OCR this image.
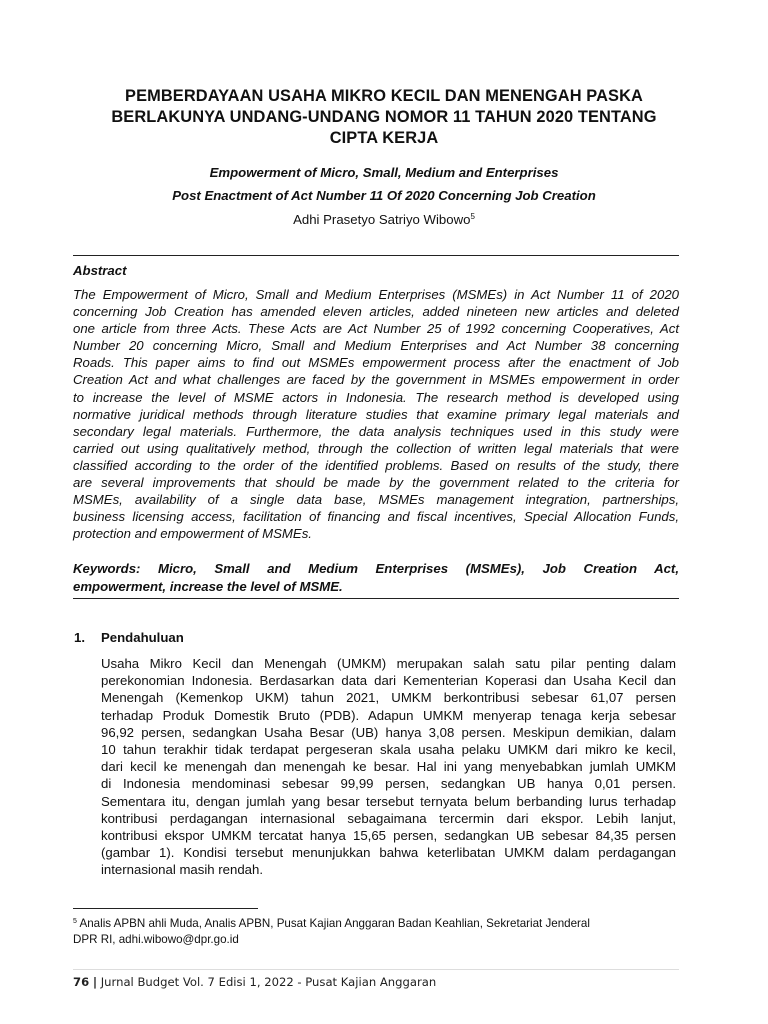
PEMBERDAYAAN USAHA MIKRO KECIL DAN MENENGAH PASKA
BERLAKUNYA UNDANG-UNDANG NOMOR 11 TAHUN 2020 TENTANG
CIPTA KERJA
Empowerment of Micro, Small, Medium and Enterprises
Post Enactment of Act Number 11 Of 2020 Concerning Job Creation
Adhi Prasetyo Satriyo Wibowo$^5$
Abstract
The Empowerment of Micro, Small and Medium Enterprises (MSMEs) in Act Number 11 of 2020
concerning Job Creation has amended eleven articles, added nineteen new articles and deleted
one article from three Acts. These Acts are Act Number 25 of 1992 concerning Cooperatives, Act
Number 20 concerning Micro, Small and Medium Enterprises and Act Number 38 concerning
Roads. This paper aims to find out MSMEs empowerment process after the enactment of Job
Creation Act and what challenges are faced by the government in MSMEs empowerment in order
to increase the level of MSME actors in Indonesia. The research method is developed using
normative juridical methods through literature studies that examine primary legal materials and
secondary legal materials. Furthermore, the data analysis techniques used in this study were
carried out using qualitatively method, through the collection of written legal materials that were
classified according to the order of the identified problems. Based on results of the study, there
are several improvements that should be made by the government related to the criteria for
MSMEs, availability of a single data base, MSMEs management integration, partnerships,
business licensing access, facilitation of financing and fiscal incentives, Special Allocation Funds,
protection and empowerment of MSMEs.
Keywords: Micro, Small and Medium Enterprises (MSMEs), Job Creation Act,
empowerment, increase the level of MSME.
1. Pendahuluan
Usaha Mikro Kecil dan Menengah (UMKM) merupakan salah satu pilar penting dalam
perekonomian Indonesia. Berdasarkan data dari Kementerian Koperasi dan Usaha Kecil dan
Menengah (Kemenkop UKM) tahun 2021, UMKM berkontribusi sebesar 61,07 persen
terhadap Produk Domestik Bruto (PDB). Adapun UMKM menyerap tenaga kerja sebesar
96,92 persen, sedangkan Usaha Besar (UB) hanya 3,08 persen. Meskipun demikian, dalam
10 tahun terakhir tidak terdapat pergeseran skala usaha pelaku UMKM dari mikro ke kecil,
dari kecil ke menengah dan menengah ke besar. Hal ini yang menyebabkan jumlah UMKM
di Indonesia mendominasi sebesar 99,99 persen, sedangkan UB hanya 0,01 persen.
Sementara itu, dengan jumlah yang besar tersebut ternyata belum berbanding lurus terhadap
kontribusi perdagangan internasional sebagaimana tercermin dari ekspor. Lebih lanjut,
kontribusi ekspor UMKM tercatat hanya 15,65 persen, sedangkan UB sebesar 84,35 persen
(gambar 1). Kondisi tersebut menunjukkan bahwa keterlibatan UMKM dalam perdagangan
internasional masih rendah.
$^5$ Analis APBN ahli Muda, Analis APBN, Pusat Kajian Anggaran Badan Keahlian, Sekretariat Jenderal
DPR RI, adhi.wibowo@dpr.go.id
76 | Jurnal Budget Vol. 7 Edisi 1, 2022 - Pusat Kajian Anggaran
